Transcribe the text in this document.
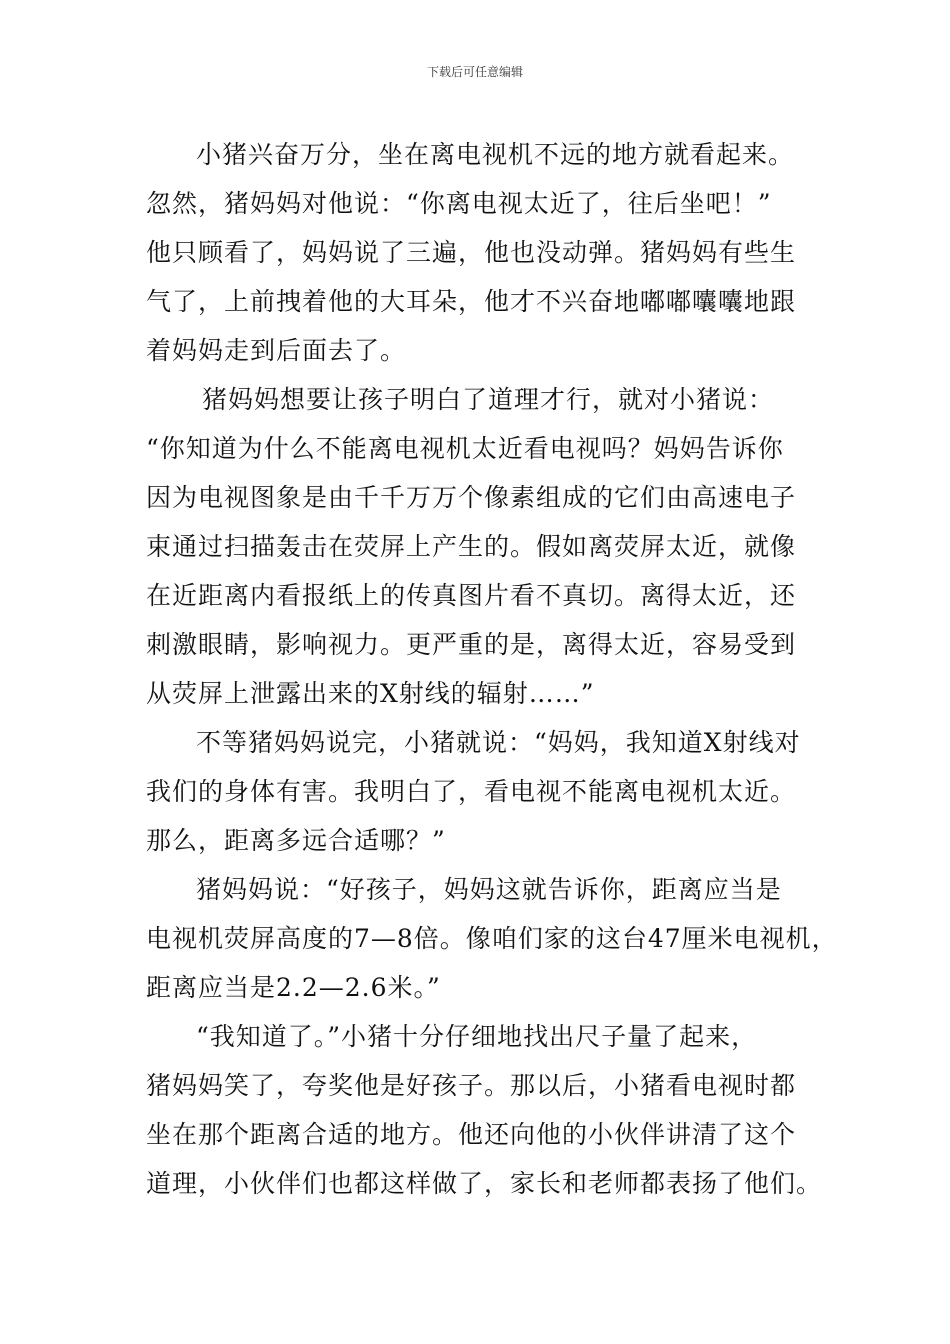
下载后可任意编辑
小猪兴奋万分，坐在离电视机不远的地方就看起来。
忽然，猪妈妈对他说：“你离电视太近了，往后坐吧！”
他只顾看了，妈妈说了三遍，他也没动弹。猪妈妈有些生
气了，上前拽着他的大耳朵，他才不兴奋地嘟嘟囔囔地跟
着妈妈走到后面去了。
猪妈妈想要让孩子明白了道理才行，就对小猪说：
“你知道为什么不能离电视机太近看电视吗？妈妈告诉你
因为电视图象是由千千万万个像素组成的它们由高速电子
束通过扫描轰击在荧屏上产生的。假如离荧屏太近，就像
在近距离内看报纸上的传真图片看不真切。离得太近，还
刺激眼睛，影响视力。更严重的是，离得太近，容易受到
从荧屏上泄露出来的X射线的辐射……”
不等猪妈妈说完，小猪就说：“妈妈，我知道X射线对
我们的身体有害。我明白了，看电视不能离电视机太近。
那么，距离多远合适哪？”
猪妈妈说：“好孩子，妈妈这就告诉你，距离应当是
电视机荧屏高度的7—8倍。像咱们家的这台47厘米电视机，
距离应当是2.2—2.6米。”
“我知道了。”小猪十分仔细地找出尺子量了起来，
猪妈妈笑了，夸奖他是好孩子。那以后，小猪看电视时都
坐在那个距离合适的地方。他还向他的小伙伴讲清了这个
道理，小伙伴们也都这样做了，家长和老师都表扬了他们。
